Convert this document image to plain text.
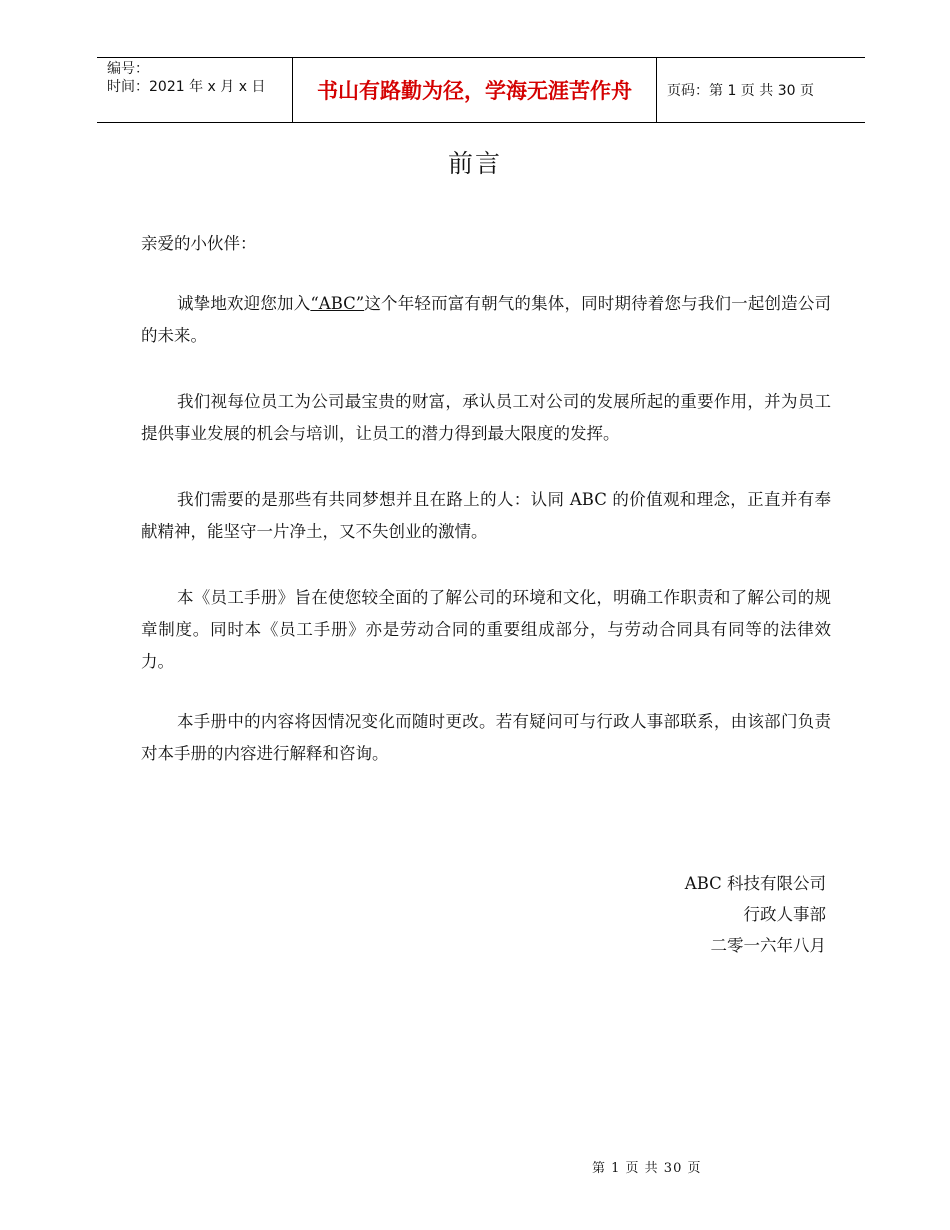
编号：
时间：2021 年 x 月 x 日	书山有路勤为径，学海无涯苦作舟	页码：第 1 页 共 30 页
前言
亲爱的小伙伴：
诚挚地欢迎您加入“ABC”这个年轻而富有朝气的集体，同时期待着您与我们一起创造公司的未来。
我们视每位员工为公司最宝贵的财富，承认员工对公司的发展所起的重要作用，并为员工提供事业发展的机会与培训，让员工的潜力得到最大限度的发挥。
我们需要的是那些有共同梦想并且在路上的人：认同 ABC 的价值观和理念，正直并有奉献精神，能坚守一片净土，又不失创业的激情。
本《员工手册》旨在使您较全面的了解公司的环境和文化，明确工作职责和了解公司的规章制度。同时本《员工手册》亦是劳动合同的重要组成部分，与劳动合同具有同等的法律效力。
本手册中的内容将因情况变化而随时更改。若有疑问可与行政人事部联系，由该部门负责对本手册的内容进行解释和咨询。
ABC 科技有限公司
行政人事部
二零一六年八月
第 1 页 共 30 页
